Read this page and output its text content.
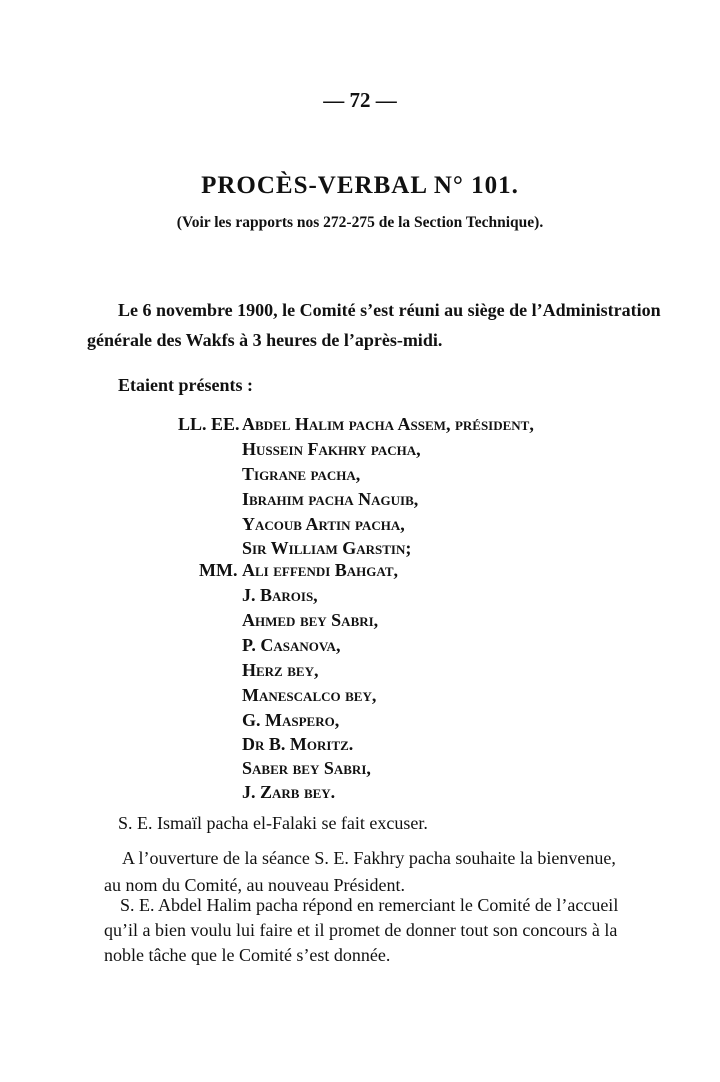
— 72 —
PROCÈS-VERBAL N° 101.
(Voir les rapports nos 272-275 de la Section Technique).
Le 6 novembre 1900, le Comité s’est réuni au siège de l’Administration
générale des Wakfs à 3 heures de l’après-midi.
Etaient présents :
LL. EE. Abdel Halim pacha Assem, président,
Hussein Fakhry pacha,
Tigrane pacha,
Ibrahim pacha Naguib,
Yacoub Artin pacha,
Sir William Garstin;
MM. Ali effendi Bahgat,
J. Barois,
Ahmed bey Sabri,
P. Casanova,
Herz bey,
Manescalco bey,
G. Maspero,
Dr B. Moritz.
Saber bey Sabri,
J. Zarb bey.
S. E. Ismaïl pacha el-Falaki se fait excuser.
A l’ouverture de la séance S. E. Fakhry pacha souhaite la bienvenue,
au nom du Comité, au nouveau Président.
S. E. Abdel Halim pacha répond en remerciant le Comité de l’accueil
qu’il a bien voulu lui faire et il promet de donner tout son concours à la
noble tâche que le Comité s’est donnée.
